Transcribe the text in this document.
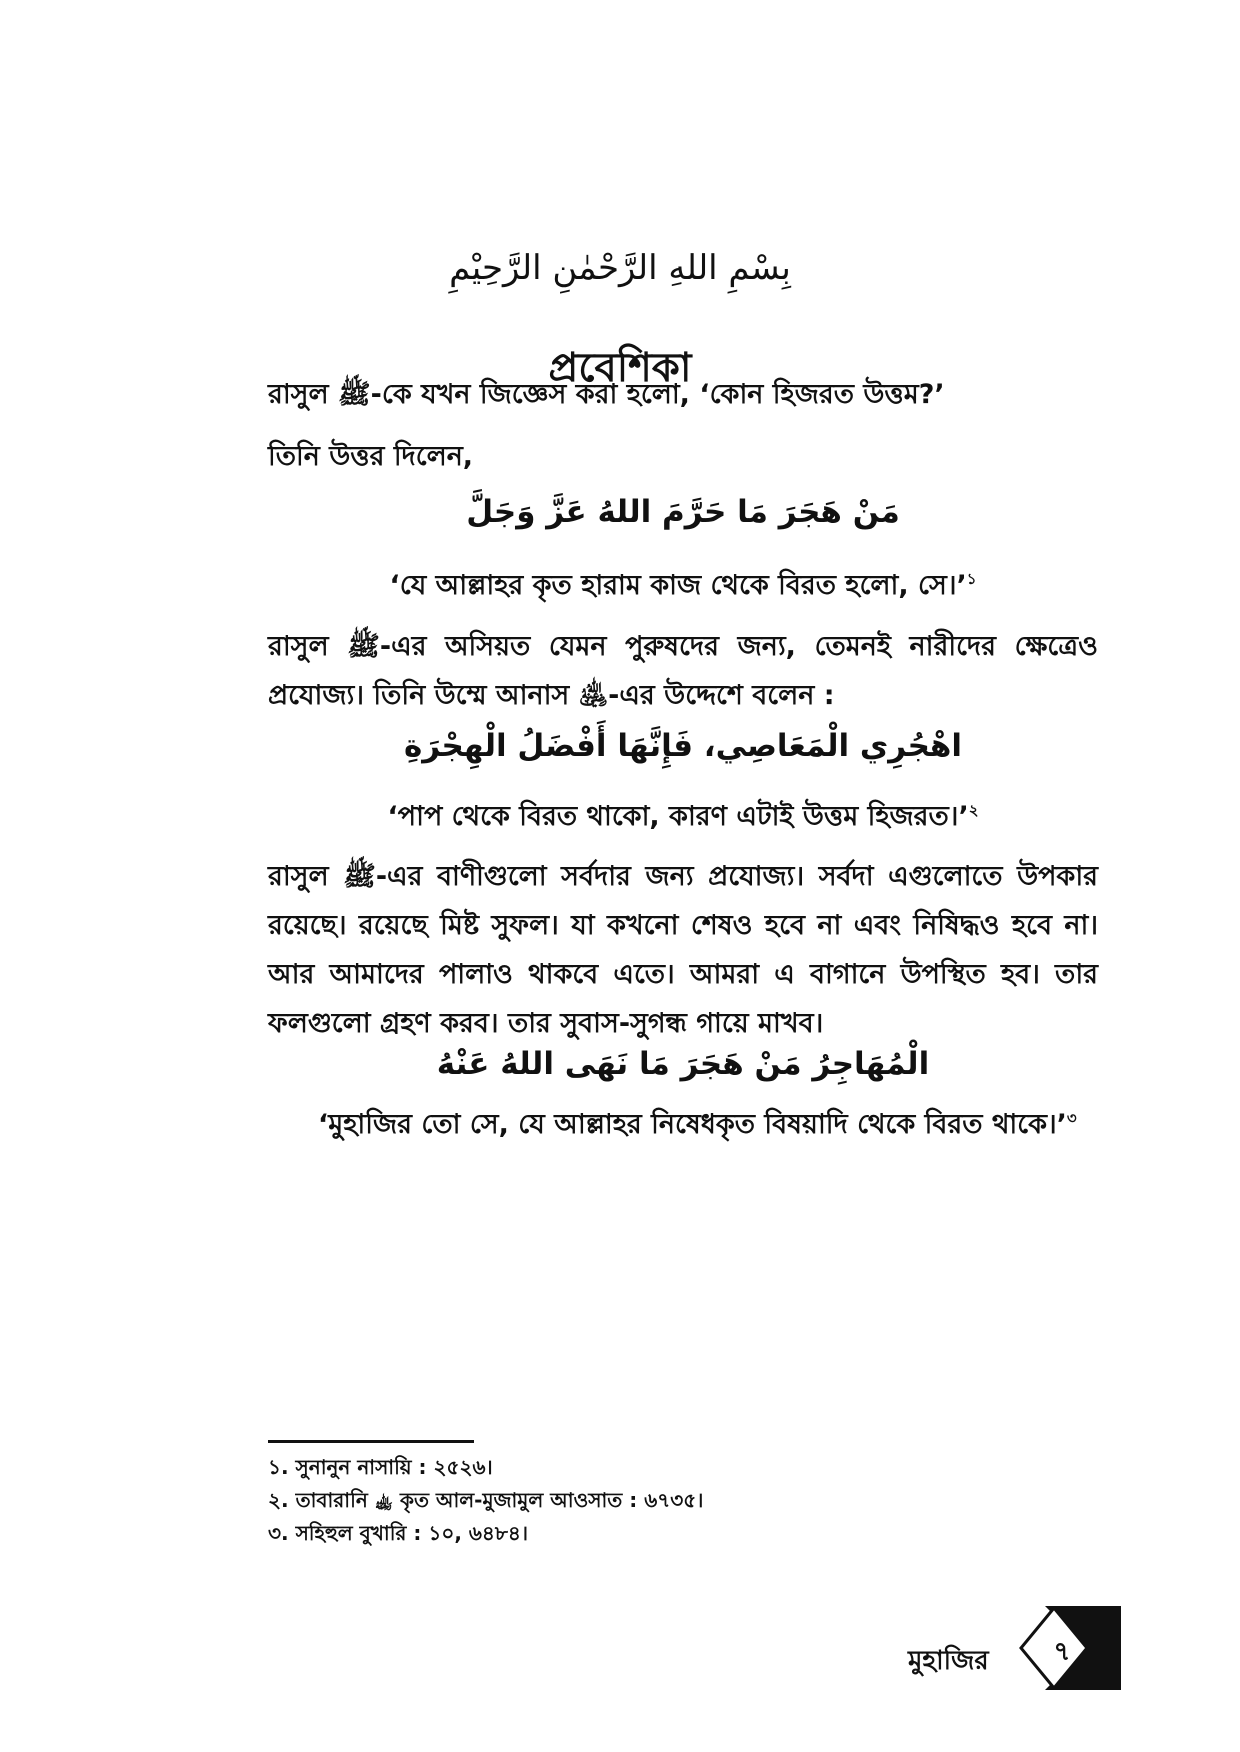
بِسْمِ اللهِ الرَّحْمٰنِ الرَّحِيْمِ
প্রবেশিকা
রাসুল ﷺ-কে যখন জিজ্ঞেস করা হলো, ‘কোন হিজরত উত্তম?’
তিনি উত্তর দিলেন,
مَنْ هَجَرَ مَا حَرَّمَ اللهُ عَزَّ وَجَلَّ
‘যে আল্লাহর কৃত হারাম কাজ থেকে বিরত হলো, সে।’$^১$
রাসুল ﷺ-এর অসিয়ত যেমন পুরুষদের জন্য, তেমনই নারীদের ক্ষেত্রেও প্রযোজ্য। তিনি উম্মে আনাস ﵁-এর উদ্দেশে বলেন :
اهْجُرِي الْمَعَاصِي، فَإِنَّهَا أَفْضَلُ الْهِجْرَةِ
‘পাপ থেকে বিরত থাকো, কারণ এটাই উত্তম হিজরত।’$^২$
রাসুল ﷺ-এর বাণীগুলো সর্বদার জন্য প্রযোজ্য। সর্বদা এগুলোতে উপকার রয়েছে। রয়েছে মিষ্ট সুফল। যা কখনো শেষও হবে না এবং নিষিদ্ধও হবে না। আর আমাদের পালাও থাকবে এতে। আমরা এ বাগানে উপস্থিত হব। তার ফলগুলো গ্রহণ করব। তার সুবাস-সুগন্ধ গায়ে মাখব।
الْمُهَاجِرُ مَنْ هَجَرَ مَا نَهَى اللهُ عَنْهُ
‘মুহাজির তো সে, যে আল্লাহর নিষেধকৃত বিষয়াদি থেকে বিরত থাকে।’$^৩$
১. সুনানুন নাসায়ি : ২৫২৬।
২. তাবারানি ﵀ কৃত আল-মুজামুল আওসাত : ৬৭৩৫।
৩. সহিহুল বুখারি : ১০, ৬৪৮৪।
মুহাজির	৭
